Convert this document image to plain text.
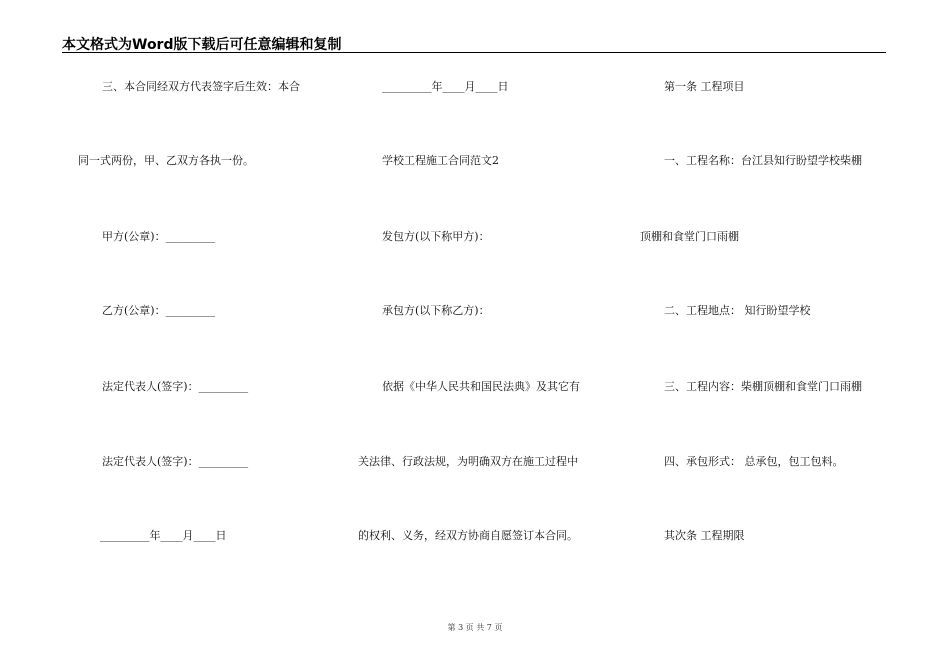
本文格式为Word版下载后可任意编辑和复制
三、本合同经双方代表签字后生效：本合
同一式两份，甲、乙双方各执一份。
甲方(公章)：_________
乙方(公章)：_________
法定代表人(签字)：_________
法定代表人(签字)：_________
_________年____月____日
_________年____月____日
学校工程施工合同范文2
发包方(以下称甲方)：
承包方(以下称乙方)：
依据《中华人民共和国民法典》及其它有
关法律、行政法规，为明确双方在施工过程中
的权利、义务，经双方协商自愿签订本合同。
第一条 工程项目
一、工程名称：台江县知行盼望学校柴棚
顶棚和食堂门口雨棚
二、工程地点： 知行盼望学校
三、工程内容：柴棚顶棚和食堂门口雨棚
四、承包形式： 总承包，包工包料。
其次条 工程期限
第 3 页 共 7 页
